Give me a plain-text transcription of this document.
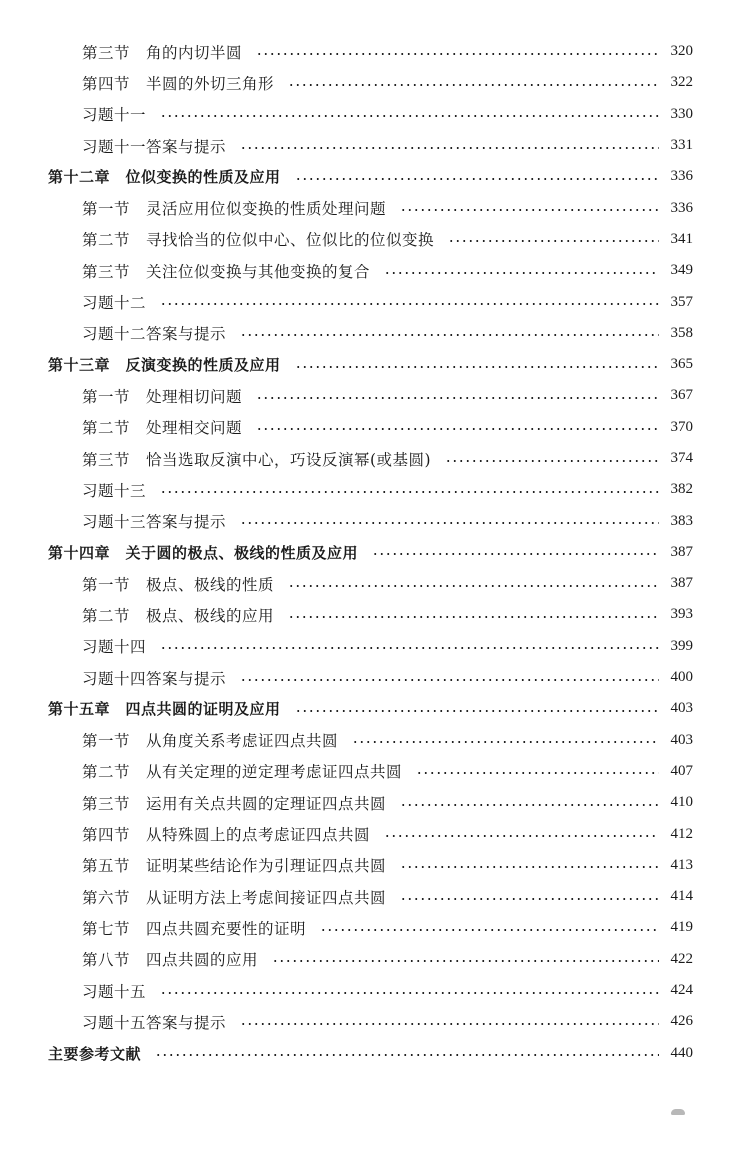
第三节　角的内切半圆	320
第四节　半圆的外切三角形	322
习题十一	330
习题十一答案与提示	331
第十二章　位似变换的性质及应用	336
第一节　灵活应用位似变换的性质处理问题	336
第二节　寻找恰当的位似中心、位似比的位似变换	341
第三节　关注位似变换与其他变换的复合	349
习题十二	357
习题十二答案与提示	358
第十三章　反演变换的性质及应用	365
第一节　处理相切问题	367
第二节　处理相交问题	370
第三节　恰当选取反演中心，巧设反演幂(或基圆)	374
习题十三	382
习题十三答案与提示	383
第十四章　关于圆的极点、极线的性质及应用	387
第一节　极点、极线的性质	387
第二节　极点、极线的应用	393
习题十四	399
习题十四答案与提示	400
第十五章　四点共圆的证明及应用	403
第一节　从角度关系考虑证四点共圆	403
第二节　从有关定理的逆定理考虑证四点共圆	407
第三节　运用有关点共圆的定理证四点共圆	410
第四节　从特殊圆上的点考虑证四点共圆	412
第五节　证明某些结论作为引理证四点共圆	413
第六节　从证明方法上考虑间接证四点共圆	414
第七节　四点共圆充要性的证明	419
第八节　四点共圆的应用	422
习题十五	424
习题十五答案与提示	426
主要参考文献	440
